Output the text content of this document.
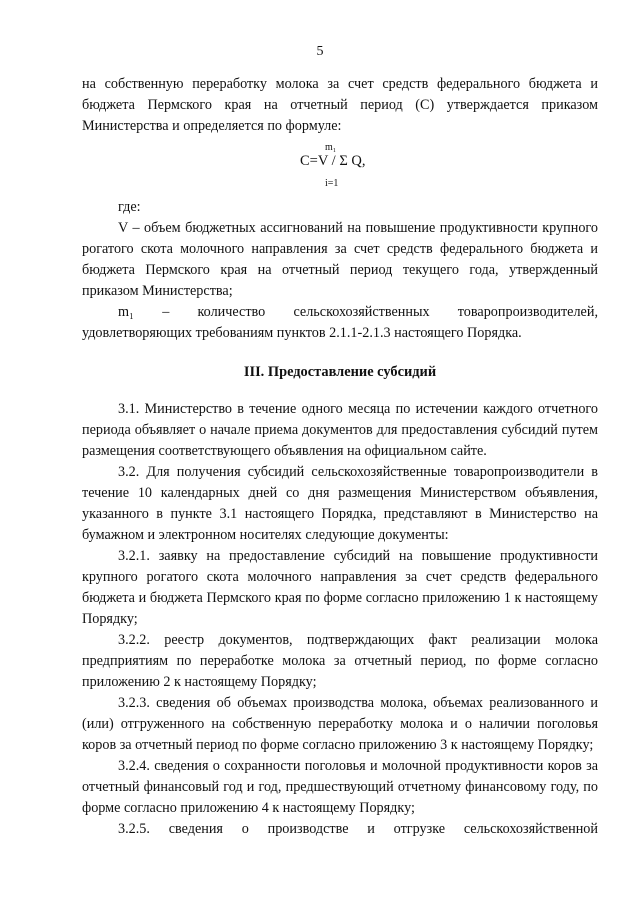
5

на собственную переработку молока за счет средств федерального бюджета и бюджета Пермского края на отчетный период (С) утверждается приказом Министерства и определяется по формуле:

m₁
C=V / Σ Q,
i=1

где:

V – объем бюджетных ассигнований на повышение продуктивности крупного рогатого скота молочного направления за счет средств федерального бюджета и бюджета Пермского края на отчетный период текущего года, утвержденный приказом Министерства;

m₁ – количество сельскохозяйственных товаропроизводителей, удовлетворяющих требованиям пунктов 2.1.1-2.1.3 настоящего Порядка.

III. Предоставление субсидий

3.1. Министерство в течение одного месяца по истечении каждого отчетного периода объявляет о начале приема документов для предоставления субсидий путем размещения соответствующего объявления на официальном сайте.

3.2. Для получения субсидий сельскохозяйственные товаропроизводители в течение 10 календарных дней со дня размещения Министерством объявления, указанного в пункте 3.1 настоящего Порядка, представляют в Министерство на бумажном и электронном носителях следующие документы:

3.2.1. заявку на предоставление субсидий на повышение продуктивности крупного рогатого скота молочного направления за счет средств федерального бюджета и бюджета Пермского края по форме согласно приложению 1 к настоящему Порядку;

3.2.2. реестр документов, подтверждающих факт реализации молока предприятиям по переработке молока за отчетный период, по форме согласно приложению 2 к настоящему Порядку;

3.2.3. сведения об объемах производства молока, объемах реализованного и (или) отгруженного на собственную переработку молока и о наличии поголовья коров за отчетный период по форме согласно приложению 3 к настоящему Порядку;

3.2.4. сведения о сохранности поголовья и молочной продуктивности коров за отчетный финансовый год и год, предшествующий отчетному финансовому году, по форме согласно приложению 4 к настоящему Порядку;

3.2.5. сведения о производстве и отгрузке сельскохозяйственной
